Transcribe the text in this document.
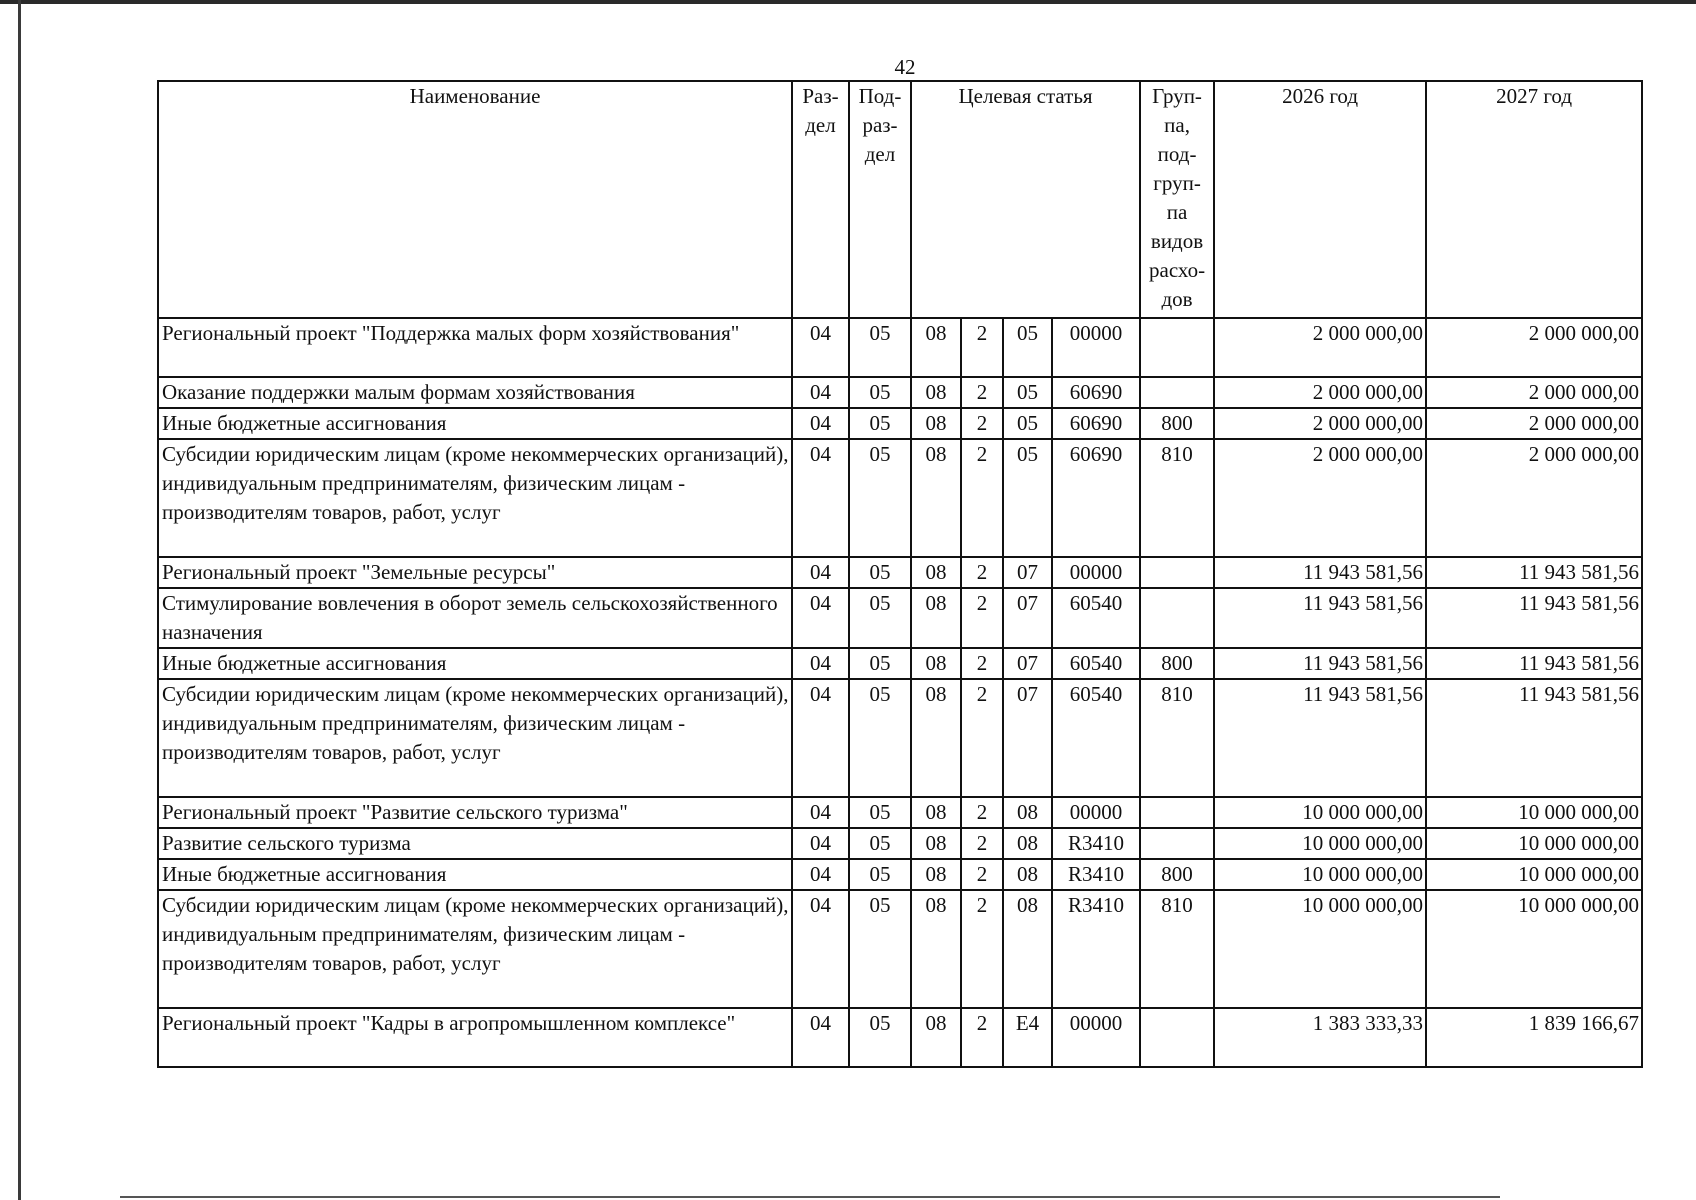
42
Наименование	Раз- дел	Под- раз- дел	Целевая статья				Груп- па, под- груп- па видов расхо- дов	2026 год	2027 год
Региональный проект "Поддержка малых форм хозяйствования"	04	05	08	2	05	00000		2 000 000,00	2 000 000,00
Оказание поддержки малым формам хозяйствования	04	05	08	2	05	60690		2 000 000,00	2 000 000,00
Иные бюджетные ассигнования	04	05	08	2	05	60690	800	2 000 000,00	2 000 000,00
Субсидии юридическим лицам (кроме некоммерческих организаций), индивидуальным предпринимателям, физическим лицам - производителям товаров, работ, услуг	04	05	08	2	05	60690	810	2 000 000,00	2 000 000,00
Региональный проект "Земельные ресурсы"	04	05	08	2	07	00000		11 943 581,56	11 943 581,56
Стимулирование вовлечения в оборот земель сельскохозяйственного назначения	04	05	08	2	07	60540		11 943 581,56	11 943 581,56
Иные бюджетные ассигнования	04	05	08	2	07	60540	800	11 943 581,56	11 943 581,56
Субсидии юридическим лицам (кроме некоммерческих организаций), индивидуальным предпринимателям, физическим лицам - производителям товаров, работ, услуг	04	05	08	2	07	60540	810	11 943 581,56	11 943 581,56
Региональный проект "Развитие сельского туризма"	04	05	08	2	08	00000		10 000 000,00	10 000 000,00
Развитие сельского туризма	04	05	08	2	08	R3410		10 000 000,00	10 000 000,00
Иные бюджетные ассигнования	04	05	08	2	08	R3410	800	10 000 000,00	10 000 000,00
Субсидии юридическим лицам (кроме некоммерческих организаций), индивидуальным предпринимателям, физическим лицам - производителям товаров, работ, услуг	04	05	08	2	08	R3410	810	10 000 000,00	10 000 000,00
Региональный проект "Кадры в агропромышленном комплексе"	04	05	08	2	E4	00000		1 383 333,33	1 839 166,67
